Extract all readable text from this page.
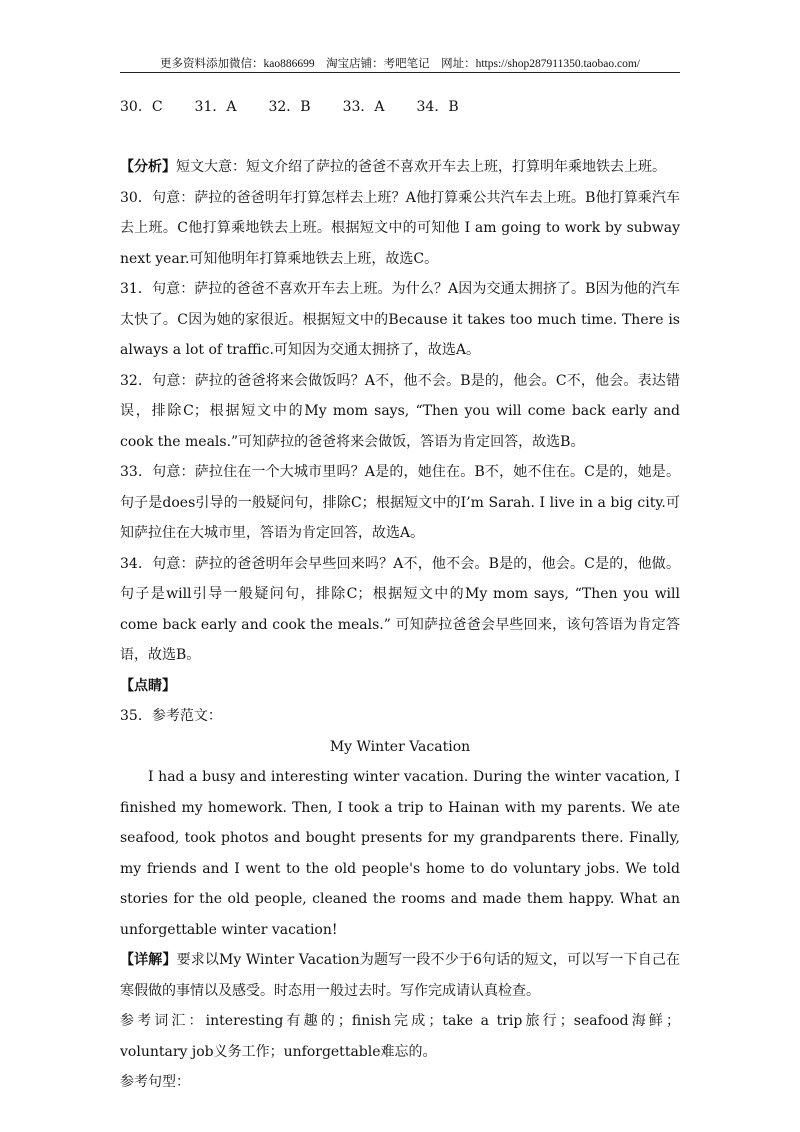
更多资料添加微信：kao886699　淘宝店铺：考吧笔记　网址：https://shop287911350.taobao.com/
30．C 31．A 32．B 33．A 34．B

【分析】短文大意：短文介绍了萨拉的爸爸不喜欢开车去上班，打算明年乘地铁去上班。

30．句意：萨拉的爸爸明年打算怎样去上班？A他打算乘公共汽车去上班。B他打算乘汽车去上班。C他打算乘地铁去上班。根据短文中的可知他 I am going to work by subway next year.可知他明年打算乘地铁去上班，故选C。

31．句意：萨拉的爸爸不喜欢开车去上班。为什么？A因为交通太拥挤了。B因为他的汽车太快了。C因为她的家很近。根据短文中的Because it takes too much time. There is always a lot of traffic.可知因为交通太拥挤了，故选A。

32．句意：萨拉的爸爸将来会做饭吗？A不，他不会。B是的，他会。C不，他会。表达错误，排除C；根据短文中的My mom says, “Then you will come back early and cook the meals.”可知萨拉的爸爸将来会做饭，答语为肯定回答，故选B。

33．句意：萨拉住在一个大城市里吗？A是的，她住在。B不，她不住在。C是的，她是。句子是does引导的一般疑问句，排除C；根据短文中的I’m Sarah. I live in a big city.可知萨拉住在大城市里，答语为肯定回答，故选A。

34．句意：萨拉的爸爸明年会早些回来吗？A不，他不会。B是的，他会。C是的，他做。句子是will引导一般疑问句，排除C；根据短文中的My mom says, “Then you will come back early and cook the meals.” 可知萨拉爸爸会早些回来，该句答语为肯定答语，故选B。

【点睛】

35．参考范文：

My Winter Vacation

I had a busy and interesting winter vacation. During the winter vacation, I finished my homework. Then, I took a trip to Hainan with my parents. We ate seafood, took photos and bought presents for my grandparents there. Finally, my friends and I went to the old people's home to do voluntary jobs. We told stories for the old people, cleaned the rooms and made them happy. What an unforgettable winter vacation!

【详解】要求以My Winter Vacation为题写一段不少于6句话的短文，可以写一下自己在寒假做的事情以及感受。时态用一般过去时。写作完成请认真检查。

参考词汇：interesting有趣的；finish完成；take a trip旅行；seafood海鲜；voluntary job义务工作；unforgettable难忘的。

参考句型：
